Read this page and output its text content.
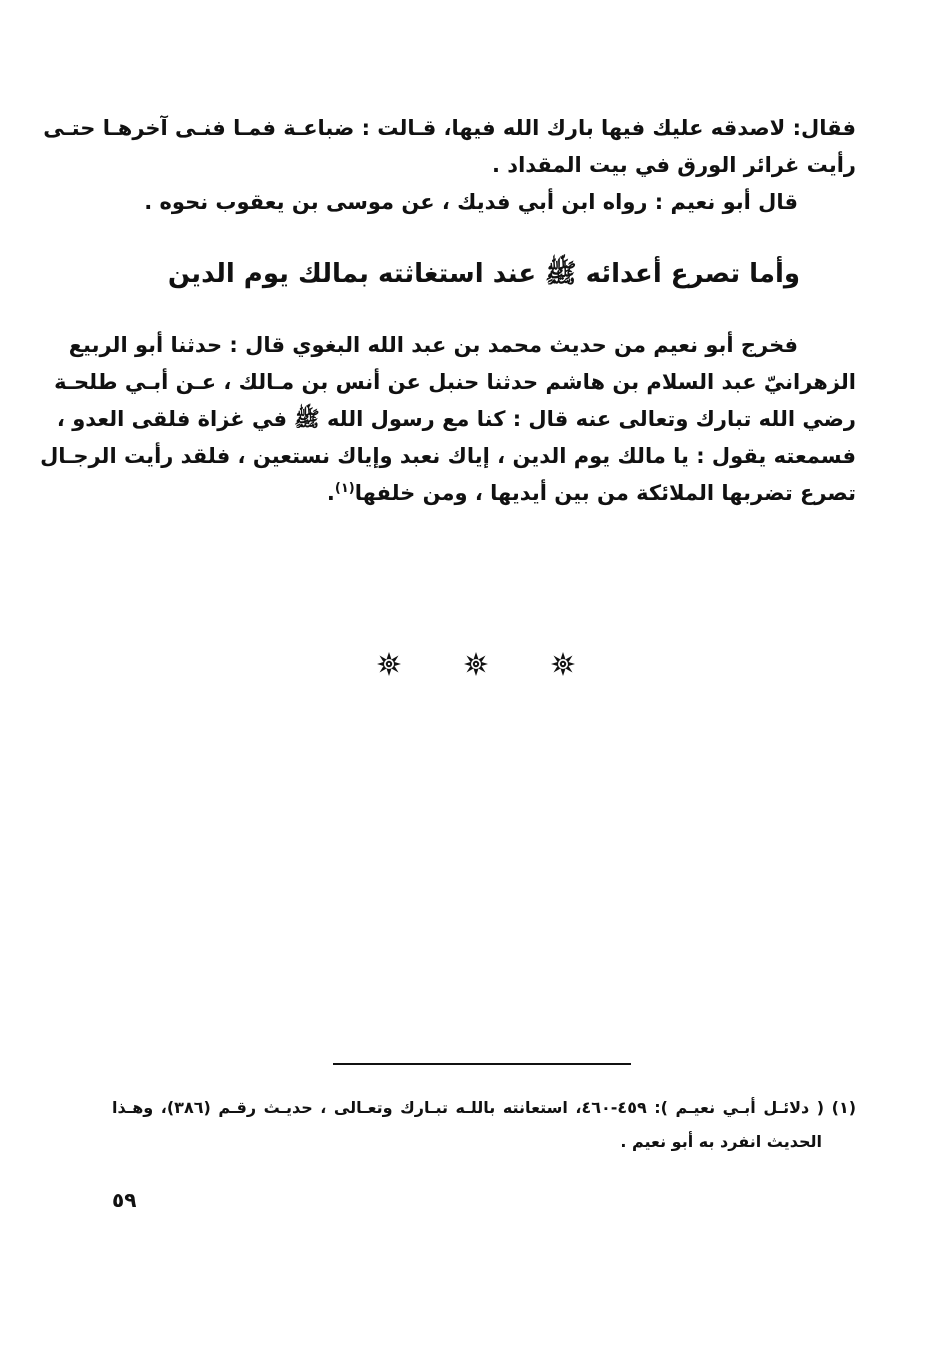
فقال: لاصدقه عليك فيها بارك الله فيها، قـالت : ضباعـة فمـا فنـى آخرهـا حتـى
رأيت غرائر الورق في بيت المقداد .
قال أبو نعيم : رواه ابن أبي فديك ، عن موسى بن يعقوب نحوه .
وأما تصرع أعدائه ﷺ عند استغاثته بمالك يوم الدين
فخرج أبو نعيم من حديث محمد بن عبد الله البغوي قال : حدثنا أبو الربيع
الزهرانيّ عبد السلام بن هاشم حدثنا حنبل عن أنس بن مـالك ، عـن أبـي طلحـة
رضي الله تبارك وتعالى عنه قال : كنا مع رسول الله ﷺ في غزاة فلقى العدو ،
فسمعته يقول : يا مالك يوم الدين ، إياك نعبد وإياك نستعين ، فلقد رأيت الرجـال
تصرع تضربها الملائكة من بين أيديها ، ومن خلفها$^{(١)}$.
(١) ( دلائـل أبـي نعيـم ): ٤٥٩-٤٦٠، استعانته باللـه تبـارك وتعـالى ، حديـث رقـم (٣٨٦)، وهـذا
الحديث انفرد به أبو نعيم .
٥٩
